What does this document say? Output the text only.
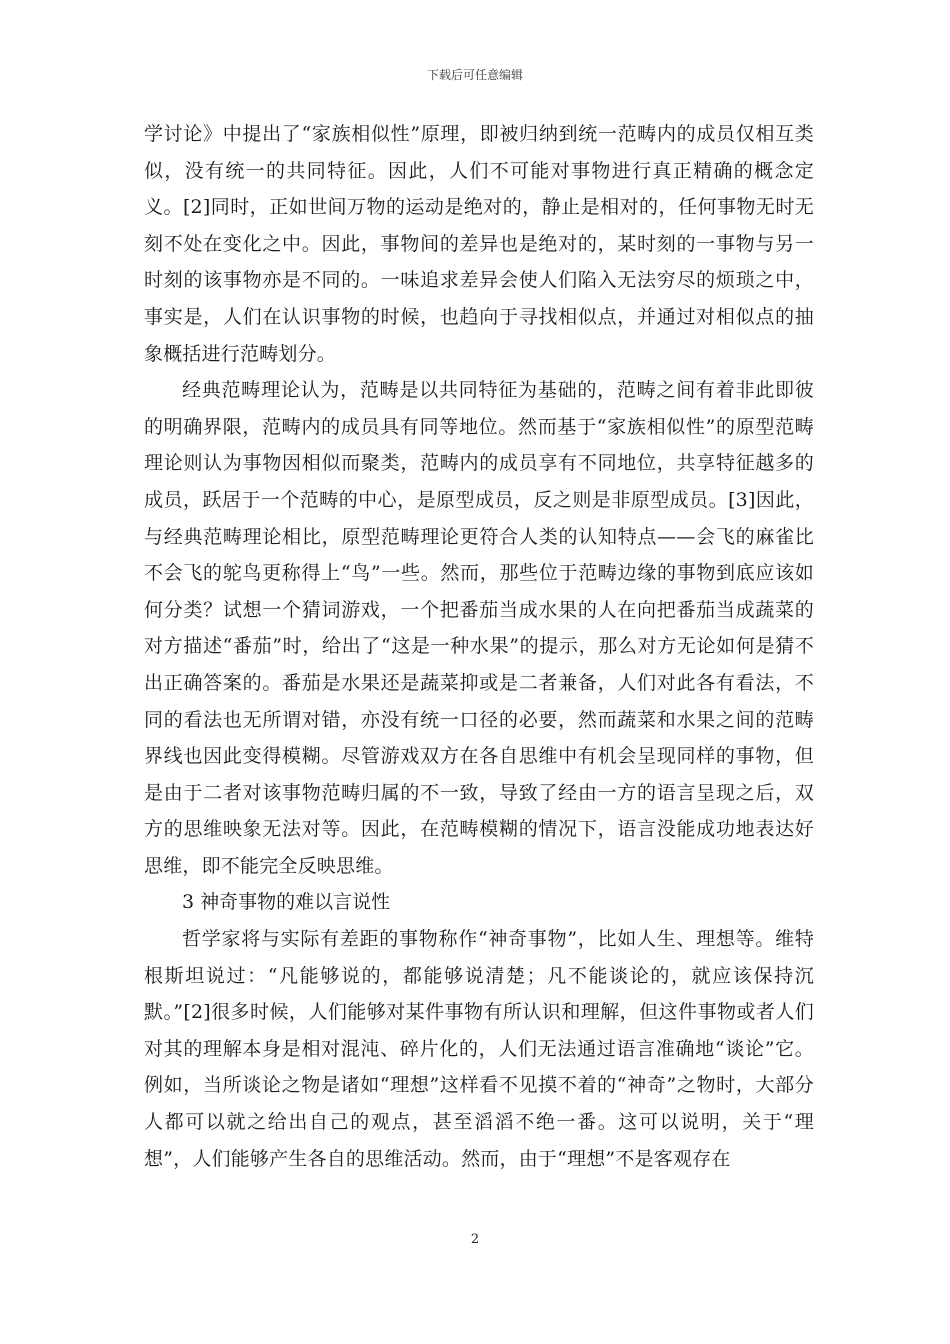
下载后可任意编辑

学讨论》中提出了“家族相似性”原理，即被归纳到统一范畴内的成员仅相互类似，没有统一的共同特征。因此，人们不可能对事物进行真正精确的概念定义。[2]同时，正如世间万物的运动是绝对的，静止是相对的，任何事物无时无刻不处在变化之中。因此，事物间的差异也是绝对的，某时刻的一事物与另一时刻的该事物亦是不同的。一味追求差异会使人们陷入无法穷尽的烦琐之中，事实是，人们在认识事物的时候，也趋向于寻找相似点，并通过对相似点的抽象概括进行范畴划分。

经典范畴理论认为，范畴是以共同特征为基础的，范畴之间有着非此即彼的明确界限，范畴内的成员具有同等地位。然而基于“家族相似性”的原型范畴理论则认为事物因相似而聚类，范畴内的成员享有不同地位，共享特征越多的成员，跃居于一个范畴的中心，是原型成员，反之则是非原型成员。[3]因此，与经典范畴理论相比，原型范畴理论更符合人类的认知特点——会飞的麻雀比不会飞的鸵鸟更称得上“鸟”一些。然而，那些位于范畴边缘的事物到底应该如何分类？试想一个猜词游戏，一个把番茄当成水果的人在向把番茄当成蔬菜的对方描述“番茄”时，给出了“这是一种水果”的提示，那么对方无论如何是猜不出正确答案的。番茄是水果还是蔬菜抑或是二者兼备，人们对此各有看法，不同的看法也无所谓对错，亦没有统一口径的必要，然而蔬菜和水果之间的范畴界线也因此变得模糊。尽管游戏双方在各自思维中有机会呈现同样的事物，但是由于二者对该事物范畴归属的不一致，导致了经由一方的语言呈现之后，双方的思维映象无法对等。因此，在范畴模糊的情况下，语言没能成功地表达好思维，即不能完全反映思维。

3 神奇事物的难以言说性

哲学家将与实际有差距的事物称作“神奇事物”，比如人生、理想等。维特根斯坦说过：“凡能够说的，都能够说清楚；凡不能谈论的，就应该保持沉默。”[2]很多时候，人们能够对某件事物有所认识和理解，但这件事物或者人们对其的理解本身是相对混沌、碎片化的，人们无法通过语言准确地“谈论”它。例如，当所谈论之物是诸如“理想”这样看不见摸不着的“神奇”之物时，大部分人都可以就之给出自己的观点，甚至滔滔不绝一番。这可以说明，关于“理想”，人们能够产生各自的思维活动。然而，由于“理想”不是客观存在

2
